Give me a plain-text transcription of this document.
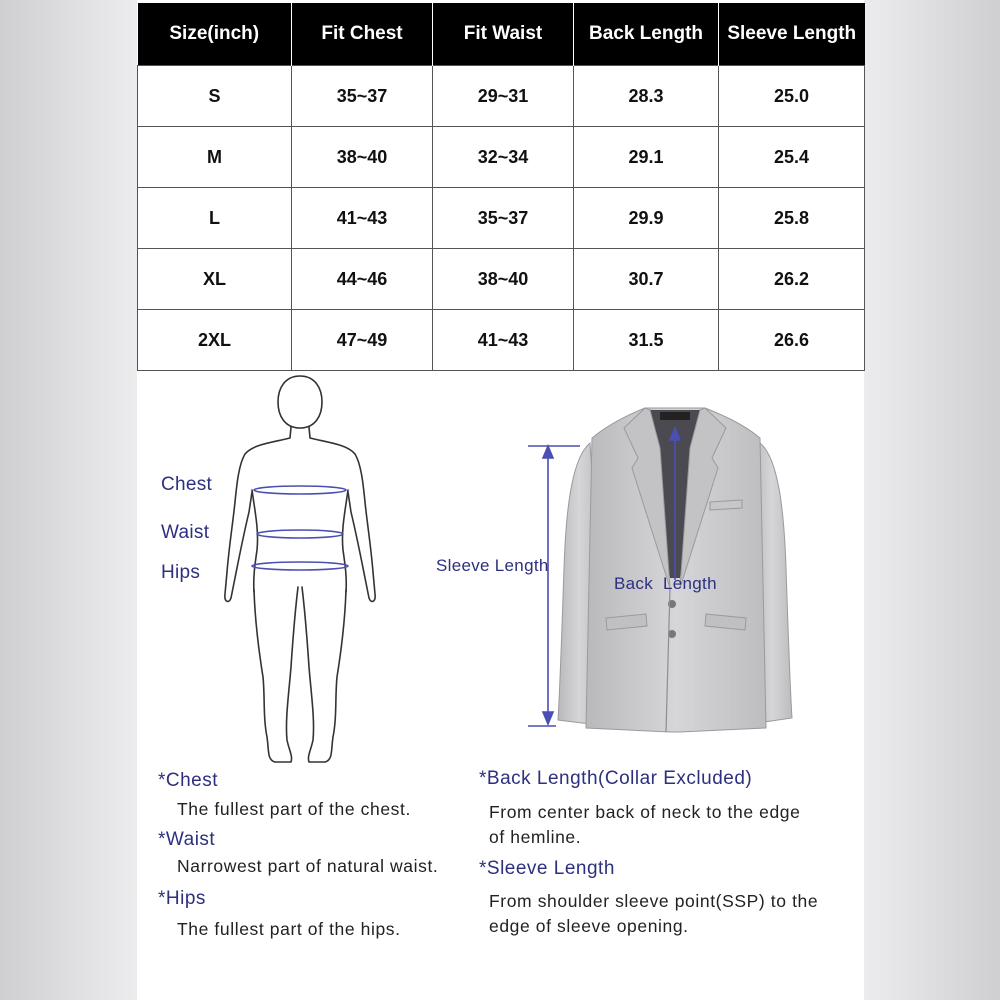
Size(inch)	Fit Chest	Fit Waist	Back Length	Sleeve Length
S	35~37	29~31	28.3	25.0
M	38~40	32~34	29.1	25.4
L	41~43	35~37	29.9	25.8
XL	44~46	38~40	30.7	26.2
2XL	47~49	41~43	31.5	26.6
Chest
Waist
Hips	Sleeve Length
Back  Length
*Chest
The fullest part of the chest.
*Waist
Narrowest part of natural waist.
*Hips
The fullest part of the hips.
*Back Length(Collar Excluded)
From center back of neck to the edge
of hemline.
*Sleeve Length
From shoulder sleeve point(SSP) to the
edge of sleeve opening.
